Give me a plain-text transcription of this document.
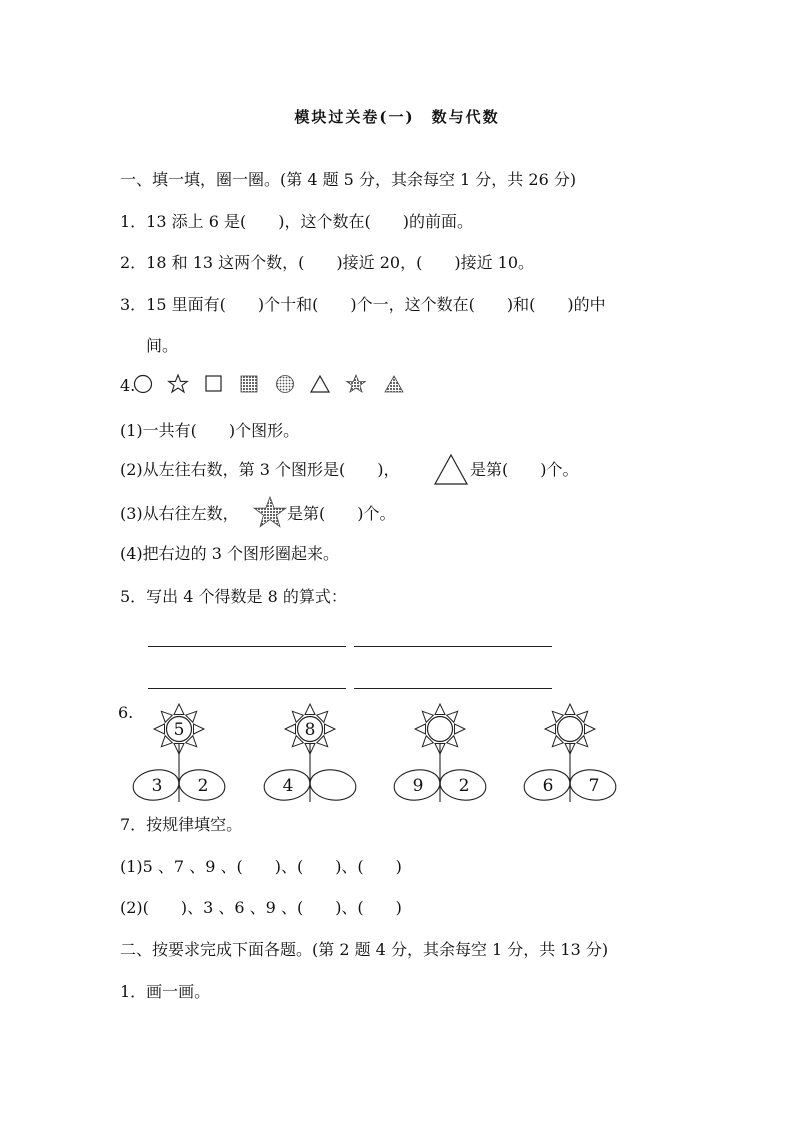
模块过关卷(一)　数与代数
一、填一填，圈一圈。(第 4 题 5 分，其余每空 1 分，共 26 分)
1．13 添上 6 是(　　)，这个数在(　　)的前面。
2．18 和 13 这两个数，(　　)接近 20，(　　)接近 10。
3．15 里面有(　　)个十和(　　)个一，这个数在(　　)和(　　)的中
间。
4.
(1)一共有(　　)个图形。
(2)从左往右数，第 3 个图形是(　　)，	是第(　　)个。
(3)从右往左数，	是第(　　)个。
(4)把右边的 3 个图形圈起来。
5．写出 4 个得数是 8 的算式：
6.
5
3 2
8
4	9 2	6 7
7．按规律填空。
(1)5 、7 、9 、(　　)、(　　)、(　　)
(2)(　　)、3 、6 、9 、(　　)、(　　)
二、按要求完成下面各题。(第 2 题 4 分，其余每空 1 分，共 13 分)
1．画一画。
